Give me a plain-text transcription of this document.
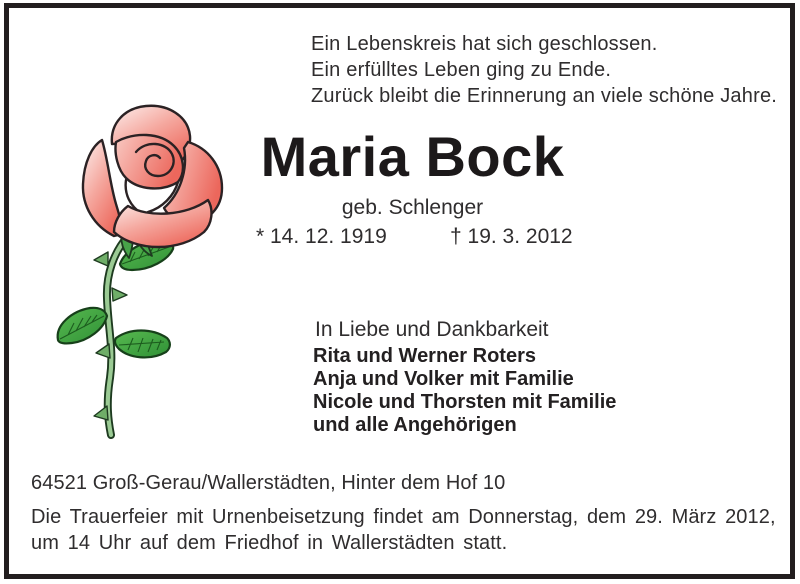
Ein Lebenskreis hat sich geschlossen.
Ein erfülltes Leben ging zu Ende.
Zurück bleibt die Erinnerung an viele schöne Jahre.
Maria Bock
geb. Schlenger
* 14. 12. 1919	† 19. 3. 2012
In Liebe und Dankbarkeit
Rita und Werner Roters
Anja und Volker mit Familie
Nicole und Thorsten mit Familie
und alle Angehörigen
64521 Groß-Gerau/Wallerstädten, Hinter dem Hof 10
Die Trauerfeier mit Urnenbeisetzung findet am Donnerstag, dem 29. März 2012,
um 14 Uhr auf dem Friedhof in Wallerstädten statt.
